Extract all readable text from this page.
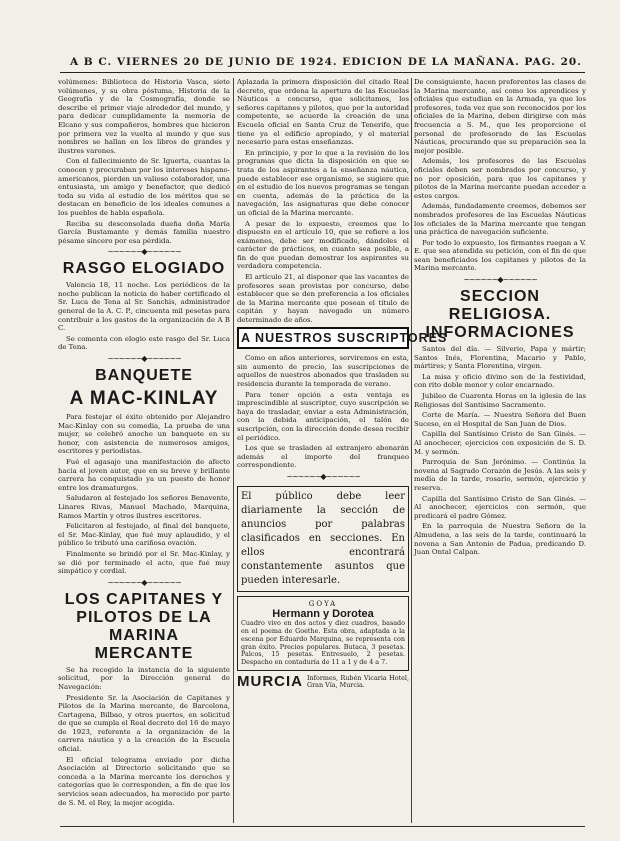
A B C. VIERNES 20 DE JUNIO DE 1924. EDICION DE LA MAÑANA. PAG. 20.

volúmenes: Biblioteca de Historia Vasca, siete volúmenes, y su obra póstuma, Historia de la Geografía y de la Cosmografía, donde se describe el primer viaje alrededor del mundo, y para dedicar cumplidamente la memoria de Elcano y sus compañeros, hombres que hicieron por primera vez la vuelta al mundo y que sus nombres se hallan en los libros de grandes y ilustres varones.

Con el fallecimiento de Sr. Iguerta, cuantas la conocen y procuraban por los intereses hispano-americanos, pierden un valioso colaborador, una entusiasta, un amigo y benefactor, que dedicó toda su vida al estudio de los méritos que se destacan en beneficio de los ideales comunes a los pueblos de habla española.

Reciba su desconsolada dueña doña María García Bustamante y demás familia nuestro pésame sincero por esa pérdida.

~~~~~~◆~~~~~~
RASGO ELOGIADO

Valencia 18, 11 noche. Los periódicos de la noche publican la noticia de haber certificado el Sr. Luca de Tena al Sr. Sanchis, administrador general de la A. C. P., cincuenta mil pesetas para contribuir a los gastos de la organización de A B C.

Se comenta con elogio este rasgo del Sr. Luca de Tena.

~~~~~~◆~~~~~~
BANQUETE
A MAC-KINLAY

Para festejar el éxito obtenido por Alejandro Mac-Kinlay con su comedia, La prueba de una mujer, se celebró anoche un banquete en su honor, con asistencia de numerosos amigos, escritores y periodistas.

Fué el agasajo una manifestación de afecto hacia el joven autor, que en su breve y brillante carrera ha conquistado ya un puesto de honor entre los dramaturgos.

Saludaron al festejado los señores Benavente, Linares Rivas, Manuel Machado, Marquina, Ramos Martín y otros ilustres escritores.

Felicitaron al festejado, al final del banquete, el Sr. Mac-Kinlay, que fué muy aplaudido, y el público le tributó una cariñosa ovación.

Finalmente se brindó por el Sr. Mac-Kinlay, y se dió por terminado el acto, que fué muy simpático y cordial.

~~~~~~◆~~~~~~
LOS CAPITANES Y PILOTOS DE LA MARINA MERCANTE

Se ha recogido la instancia de la siguiente solicitud, por la Dirección general de Navegación:

Presidente Sr. la Asociación de Capitanes y Pilotos de la Marina mercante, de Barcelona, Cartagena, Bilbao, y otros puertos, en solicitud de que se cumpla el Real decreto del 16 de mayo de 1923, referente a la organización de la carrera náutica y a la creación de la Escuela oficial.

El oficial telegrama enviado por dicha Asociación al Directorio solicitando que se conceda a la Marina mercante los derechos y categorías que le corresponden, a fin de que los servicios sean adecuados, ha merecido por parte de S. M. el Rey, la mejor acogida.

Aplazada la primera disposición del citado Real decreto, que ordena la apertura de las Escuelas Náuticas a concurso, que solicitamos, los señores capitanes y pilotos, que por la autoridad competente, se acuerde la creación de una Escuela oficial en Santa Cruz de Tenerife, que tiene ya el edificio apropiado, y el material necesario para estas enseñanzas.

En principio, y por lo que a la revisión de los programas que dicta la disposición en que se trata de los aspirantes a la enseñanza náutica, puede establecer ese organismo, se sugiere que en el estudio de los nuevos programas se tengan en cuenta, además de la práctica de la navegación, las asignaturas que debe conocer un oficial de la Marina mercante.

A pesar de lo expuesto, creemos que lo dispuesto en el artículo 10, que se refiere a los exámenes, debe ser modificado, dándoles el carácter de prácticos, en cuanto sea posible, a fin de que puedan demostrar los aspirantes su verdadera competencia.

El artículo 21, al disponer que las vacantes de profesores sean provistas por concurso, debe establecer que se den preferencia a los oficiales de la Marina mercante que posean el título de capitán y hayan navegado un número determinado de años.

A NUESTROS SUSCRIPTORES

Como en años anteriores, serviremos en esta, sin aumento de precio, las suscripciones de aquellos de nuestros abonados que trasladen su residencia durante la temporada de verano.

Para tener opción a esta ventaja es imprescindible al suscriptor, cuyo suscripción se haya de trasladar, enviar a esta Administración, con la debida anticipación, el talón de suscripción, con la dirección donde desea recibir el periódico.

Los que se trasladen al extranjero abonarán además el importe del franqueo correspondiente.

~~~~~~◆~~~~~~
El público debe leer diariamente la sección de anuncios por palabras clasificados en secciones. En ellos encontrará constantemente asuntos que pueden interesarle.
GOYA
Hermann y Dorotea
Cuadro vivo en dos actos y diez cuadros, basado en el poema de Goethe. Esta obra, adaptada a la escena por Eduardo Marquina, se representa con gran éxito. Precios populares. Butaca, 3 pesetas. Palcos, 15 pesetas. Entresuelo, 2 pesetas. Despacho en contaduría de 11 a 1 y de 4 a 7.
MURCIA Informes, Rubén Vicaria Hotel, Gran Vía, Murcia.

De consiguiente, hacen preferentes las clases de la Marina mercante, así como los aprendices y oficiales que estudian en la Armada, ya que los profesores, toda vez que son reconocidos por los oficiales de la Marina, deben dirigirse con más frecuencia a S. M., que les proporcione el personal de profesorado de las Escuelas Náuticas, procurando que su preparación sea la mejor posible.

Además, los profesores de las Escuelas oficiales deben ser nombrados por concurso, y no por oposición, para que los capitanes y pilotos de la Marina mercante puedan acceder a estos cargos.

Además, fundadamente creemos, debemos ser nombrados profesores de las Escuelas Náuticas los oficiales de la Marina mercante que tengan una práctica de navegación suficiente.

Por todo lo expuesto, los firmantes ruegan a V. E. que sea atendida su petición, con el fin de que sean beneficiados los capitanes y pilotos de la Marina mercante.

~~~~~~◆~~~~~~
SECCION RELIGIOSA. INFORMACIONES

Santos del día. — Silverio, Papa y mártir; Santos Inés, Florentina, Macario y Pablo, mártires; y Santa Florentina, virgen.

La misa y oficio divino son de la festividad, con rito doble menor y color encarnado.

Jubileo de Cuarenta Horas en la iglesia de las Religiosas del Santísimo Sacramento.

Corte de María. — Nuestra Señora del Buen Suceso, en el Hospital de San Juan de Dios.

Capilla del Santísimo Cristo de San Ginés. — Al anochecer, ejercicios con exposición de S. D. M. y sermón.

Parroquia de San Jerónimo. — Continúa la novena al Sagrado Corazón de Jesús. A las seis y media de la tarde, rosario, sermón, ejercicio y reserva.

Capilla del Santísimo Cristo de San Ginés. — Al anochecer, ejercicios con sermón, que predicará el padre Gómez.

En la parroquia de Nuestra Señora de la Almudena, a las seis de la tarde, continuará la novena a San Antonio de Padua, predicando D. Juan Ontal Calpan.
